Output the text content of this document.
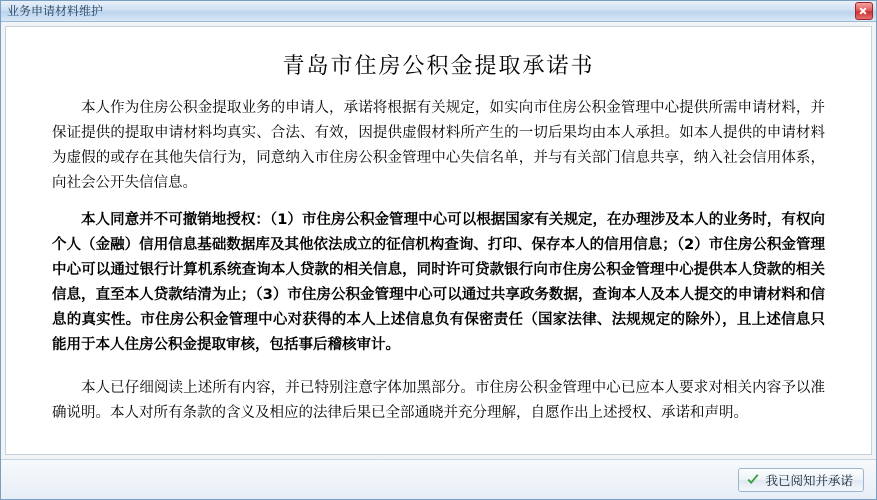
业务申请材料维护
青岛市住房公积金提取承诺书

本人作为住房公积金提取业务的申请人，承诺将根据有关规定，如实向市住房公积金管理中心提供所需申请材料，并保证提供的提取申请材料均真实、合法、有效，因提供虚假材料所产生的一切后果均由本人承担。如本人提供的申请材料为虚假的或存在其他失信行为，同意纳入市住房公积金管理中心失信名单，并与有关部门信息共享，纳入社会信用体系，向社会公开失信信息。

本人同意并不可撤销地授权：（1）市住房公积金管理中心可以根据国家有关规定，在办理涉及本人的业务时，有权向个人（金融）信用信息基础数据库及其他依法成立的征信机构查询、打印、保存本人的信用信息；（2）市住房公积金管理中心可以通过银行计算机系统查询本人贷款的相关信息，同时许可贷款银行向市住房公积金管理中心提供本人贷款的相关信息，直至本人贷款结清为止；（3）市住房公积金管理中心可以通过共享政务数据，查询本人及本人提交的申请材料和信息的真实性。市住房公积金管理中心对获得的本人上述信息负有保密责任（国家法律、法规规定的除外），且上述信息只能用于本人住房公积金提取审核，包括事后稽核审计。

本人已仔细阅读上述所有内容，并已特别注意字体加黑部分。市住房公积金管理中心已应本人要求对相关内容予以准确说明。本人对所有条款的含义及相应的法律后果已全部通晓并充分理解，自愿作出上述授权、承诺和声明。

我已阅知并承诺
